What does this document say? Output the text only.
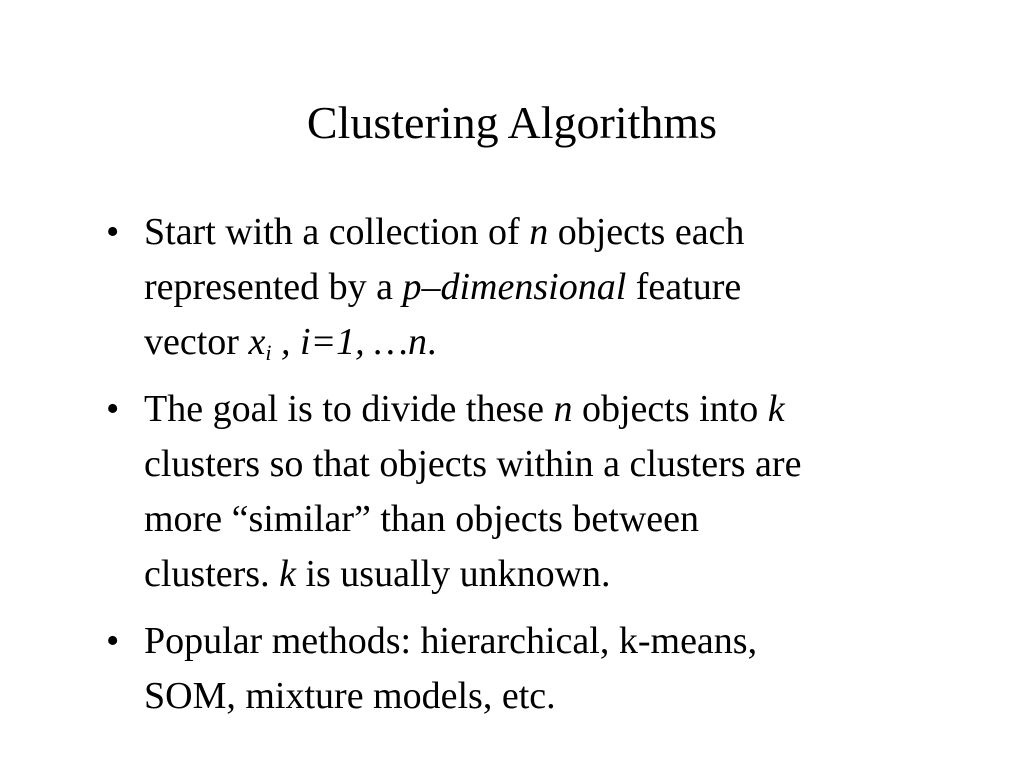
Clustering Algorithms
• Start with a collection of n objects each
represented by a p–dimensional feature
vector $x_i$ , i=1, …n.
• The goal is to divide these n objects into k
clusters so that objects within a clusters are
more “similar” than objects between
clusters. k is usually unknown.
• Popular methods: hierarchical, k-means,
SOM, mixture models, etc.
